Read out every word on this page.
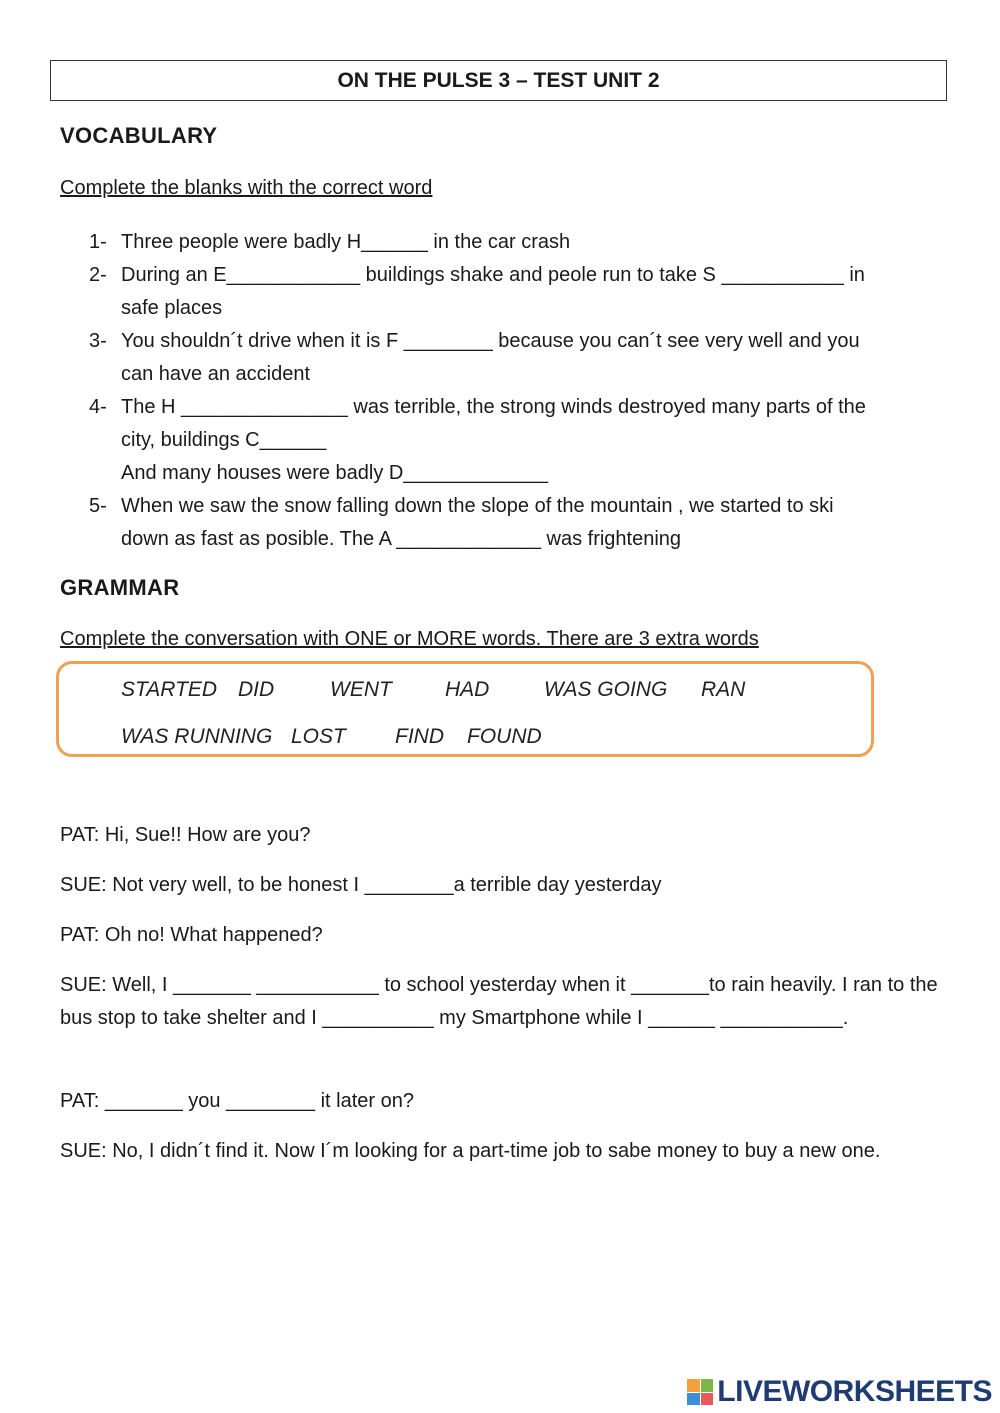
ON THE PULSE 3 – TEST UNIT 2
VOCABULARY
Complete the blanks with the correct word
1- Three people were badly H______ in the car crash
2- During an E____________ buildings shake and peole run to take S ___________ in
safe places
3- You shouldn´t drive when it is F ________ because you can´t see very well and you
can have an accident
4- The H _______________ was terrible, the strong winds destroyed many parts of the
city, buildings C______
And many houses were badly D_____________
5- When we saw the snow falling down the slope of the mountain , we started to ski
down as fast as posible. The A _____________ was frightening
GRAMMAR
Complete the conversation with ONE or MORE words. There are 3 extra words
STARTED DID	WENT	HAD	WAS GOING RAN
WAS RUNNING LOST FIND FOUND
PAT: Hi, Sue!! How are you?
SUE: Not very well, to be honest I ________a terrible day yesterday
PAT: Oh no! What happened?
SUE: Well, I _______ ___________ to school yesterday when it _______to rain heavily. I ran to the bus stop to take shelter and I __________ my Smartphone while I ______ ___________.
PAT: _______ you ________ it later on?
SUE: No, I didn´t find it. Now I´m looking for a part-time job to sabe money to buy a new one.
LIVEWORKSHEETS
